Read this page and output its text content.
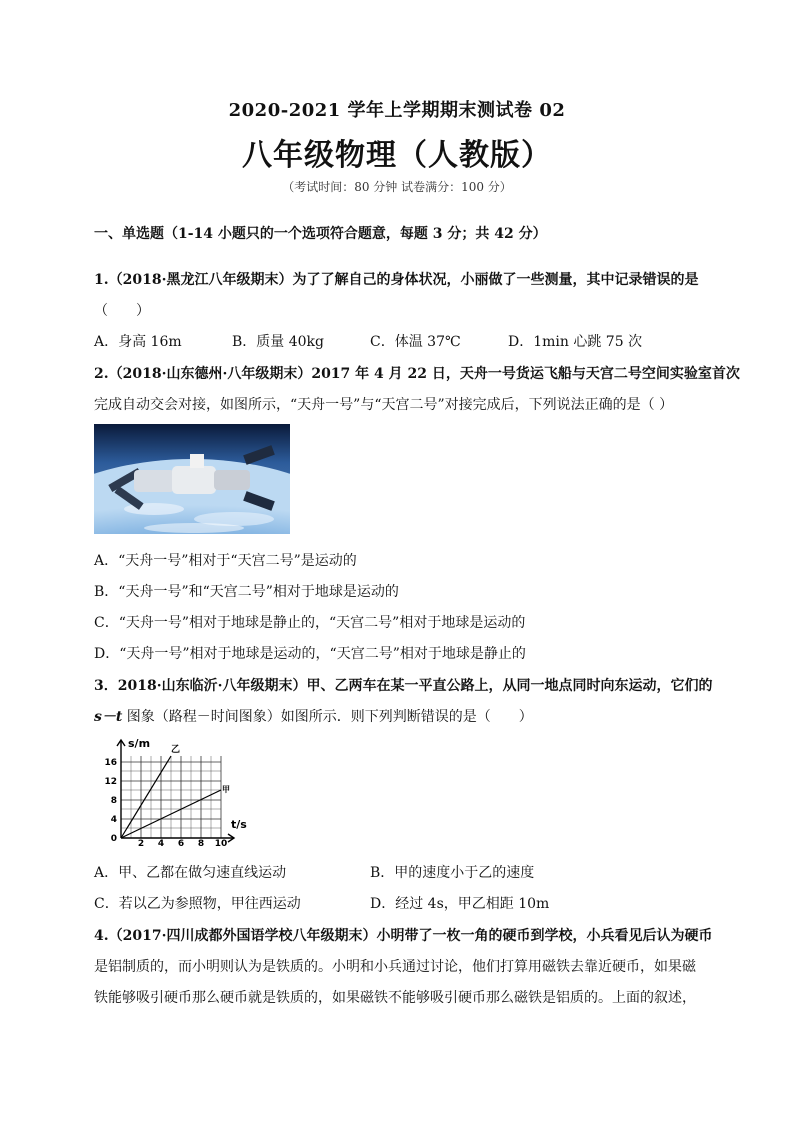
2020-2021 学年上学期期末测试卷 02
八年级物理（人教版）
（考试时间：80 分钟 试卷满分：100 分）
一、单选题（1-14 小题只的一个选项符合题意，每题 3 分；共 42 分）
1.（2018·黑龙江八年级期末）为了了解自己的身体状况，小丽做了一些测量，其中记录错误的是
（　　）
A．身高 16m	B．质量 40kg	C．体温 37℃	D．1min 心跳 75 次
2.（2018·山东德州·八年级期末）2017 年 4 月 22 日，天舟一号货运飞船与天宫二号空间实验室首次
完成自动交会对接，如图所示，“天舟一号”与“天宫二号”对接完成后，下列说法正确的是（ ）
A．“天舟一号”相对于“天宫二号”是运动的
B．“天舟一号”和“天宫二号”相对于地球是运动的
C．“天舟一号”相对于地球是静止的，“天宫二号”相对于地球是运动的
D．“天舟一号”相对于地球是运动的，“天宫二号”相对于地球是静止的
3．2018·山东临沂·八年级期末）甲、乙两车在某一平直公路上，从同一地点同时向东运动，它们的
s－t 图象（路程－时间图象）如图所示．则下列判断错误的是（　　）
s/m
t/s
乙
甲
16
12
8
4
0 2 4 6 8 10
A．甲、乙都在做匀速直线运动	B．甲的速度小于乙的速度
C．若以乙为参照物，甲往西运动	D．经过 4s，甲乙相距 10m
4.（2017·四川成都外国语学校八年级期末）小明带了一枚一角的硬币到学校，小兵看见后认为硬币
是铝制质的，而小明则认为是铁质的。小明和小兵通过讨论，他们打算用磁铁去靠近硬币，如果磁
铁能够吸引硬币那么硬币就是铁质的，如果磁铁不能够吸引硬币那么磁铁是铝质的。上面的叙述，
